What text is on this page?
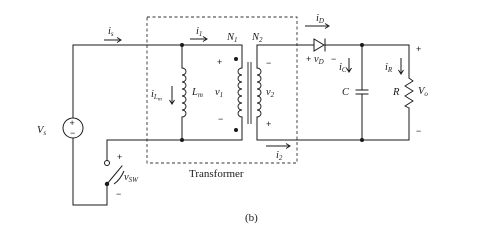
+
−
is	i1 N1 N2
iD
+ vD −
iC	iR
C	R Vo
+
−
Vs
iLm
Lm v1
+
−
v2
−
+
i2
+
vSW
−
Transformer
(b)
